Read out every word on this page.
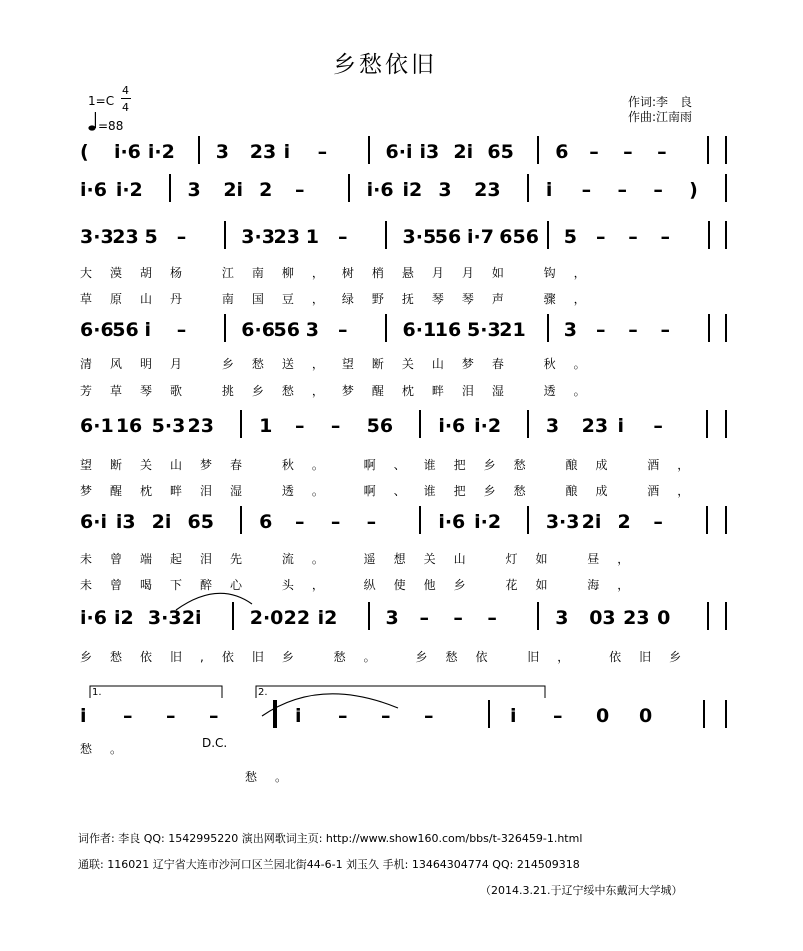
乡愁依旧
1=C
4
4
=88
作词:李　良
作曲:江南雨
( i·6 i·2 3 23 i –	6·i i3 2i 65 6 – – –
i·6 i·2 3 2i 2 –	i·6 i2 3 23 i – – – )
3·3
23 5 –	3·3
23 1 –	3·5
56 i·7 656 5 – – –
大漠胡杨 江南柳，树梢悬月月如 钩，
草原山丹 南国豆，绿野抚琴琴声 骤，
6·6
56 i –	6·6
56 3 –	6·1
16 5·3
21 3 – – –
清风明月 乡愁送，望断关山梦春 秋。
芳草琴歌 挑乡愁，梦醒枕畔泪湿 透。
6·1 16 5·3 23 1 – – 56 i·6 i·2 3 23 i –
望断关山梦春 秋。 啊、谁把乡愁 酿成 酒，
梦醒枕畔泪湿 透。 啊、谁把乡愁 酿成 酒，
6·i i3 2i 65 6 – – –	i·6 i·2 3·3 2i 2 –
未曾端起泪先 流。 遥想关山 灯如 昼，
未曾喝下醉心 头， 纵使他乡 花如 海，
i·6 i2 3·3 2i	2·0 22 i2	3 – – –	3 03 23 0
乡愁依旧,依旧乡 愁。 乡愁依 旧， 依旧乡
i – – –	i – – –	i – 0 0
愁。
愁。
1.	2.
D.C.
词作者: 李良 QQ: 1542995220 演出网歌词主页: http://www.show160.com/bbs/t-326459-1.html
通联: 116021 辽宁省大连市沙河口区兰园北街44-6-1 刘玉久 手机: 13464304774 QQ: 214509318
（2014.3.21.于辽宁绥中东戴河大学城）
